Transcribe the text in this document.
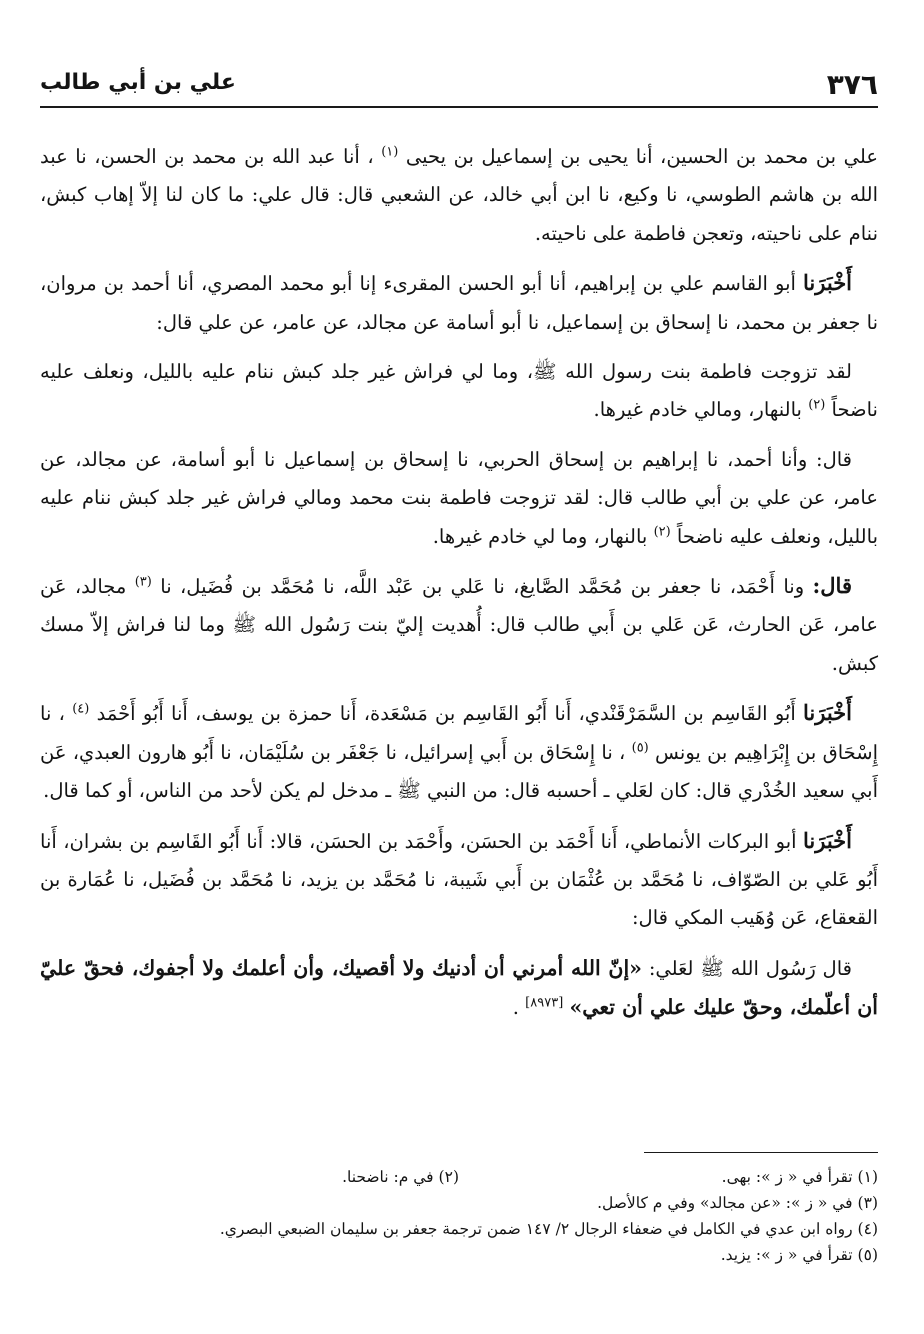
٣٧٦
علي بن أبي طالب

علي بن محمد بن الحسين، أنا يحيى بن إسماعيل بن يحيى $^{(١)}$ ، أنا عبد الله بن محمد بن الحسن، نا عبد الله بن هاشم الطوسي، نا وكيع، نا ابن أبي خالد، عن الشعبي قال: قال علي: ما كان لنا إلاّ إهاب كبش، ننام على ناحيته، وتعجن فاطمة على ناحيته.

أَخْبَرَنا أبو القاسم علي بن إبراهيم، أنا أبو الحسن المقرىء إنا أبو محمد المصري، أنا أحمد بن مروان، نا جعفر بن محمد، نا إسحاق بن إسماعيل، نا أبو أسامة عن مجالد، عن عامر، عن علي قال:

لقد تزوجت فاطمة بنت رسول الله ﷺ، وما لي فراش غير جلد كبش ننام عليه بالليل، ونعلف عليه ناضحاً $^{(٢)}$ بالنهار، ومالي خادم غيرها.

قال: وأنا أحمد، نا إبراهيم بن إسحاق الحربي، نا إسحاق بن إسماعيل نا أبو أسامة، عن مجالد، عن عامر، عن علي بن أبي طالب قال: لقد تزوجت فاطمة بنت محمد ومالي فراش غير جلد كبش ننام عليه بالليل، ونعلف عليه ناضحاً $^{(٢)}$ بالنهار، وما لي خادم غيرها.

قال: ونا أَحْمَد، نا جعفر بن مُحَمَّد الصَّايغ، نا عَلي بن عَبْد اللَّه، نا مُحَمَّد بن فُضَيل، نا $^{(٣)}$ مجالد، عَن عامر، عَن الحارث، عَن عَلي بن أَبي طالب قال: أُهديت إليّ بنت رَسُول الله ﷺ وما لنا فراش إلاّ مسك كبش.

أَخْبَرَنا أَبُو القَاسِم بن السَّمَرْقَنْدي، أَنا أَبُو القَاسِم بن مَسْعَدة، أَنا حمزة بن يوسف، أَنا أَبُو أَحْمَد $^{(٤)}$ ، نا إِسْحَاق بن إِبْرَاهِيم بن يونس $^{(٥)}$ ، نا إِسْحَاق بن أَبي إسرائيل، نا جَعْفَر بن سُلَيْمَان، نا أَبُو هارون العبدي، عَن أَبي سعيد الخُدْري قال: كان لعَلي ـ أحسبه قال: من النبي ﷺ ـ مدخل لم يكن لأحد من الناس، أو كما قال.

أَخْبَرَنا أبو البركات الأنماطي، أَنا أَحْمَد بن الحسَن، وأَحْمَد بن الحسَن، قالا: أَنا أَبُو القَاسِم بن بشران، أَنا أَبُو عَلي بن الصّوّاف، نا مُحَمَّد بن عُثْمَان بن أَبي شَيبة، نا مُحَمَّد بن يزيد، نا مُحَمَّد بن فُضَيل، نا عُمَارة بن القعقاع، عَن وُهَيب المكي قال:

قال رَسُول الله ﷺ لعَلي: «إنّ الله أمرني أن أدنيك ولا أقصيك، وأن أعلمك ولا أجفوك، فحقّ عليّ أن أعلّمك، وحقّ عليك علي أن تعي» [٨٩٧٣] .

(١) تقرأ في « ز »: بهى.
(٢) في م: ناضحنا.
(٣) في « ز »: «عن مجالد» وفي م كالأصل.
(٤) رواه ابن عدي في الكامل في ضعفاء الرجال ٢/ ١٤٧ ضمن ترجمة جعفر بن سليمان الضبعي البصري.
(٥) تقرأ في « ز »: يزيد.
